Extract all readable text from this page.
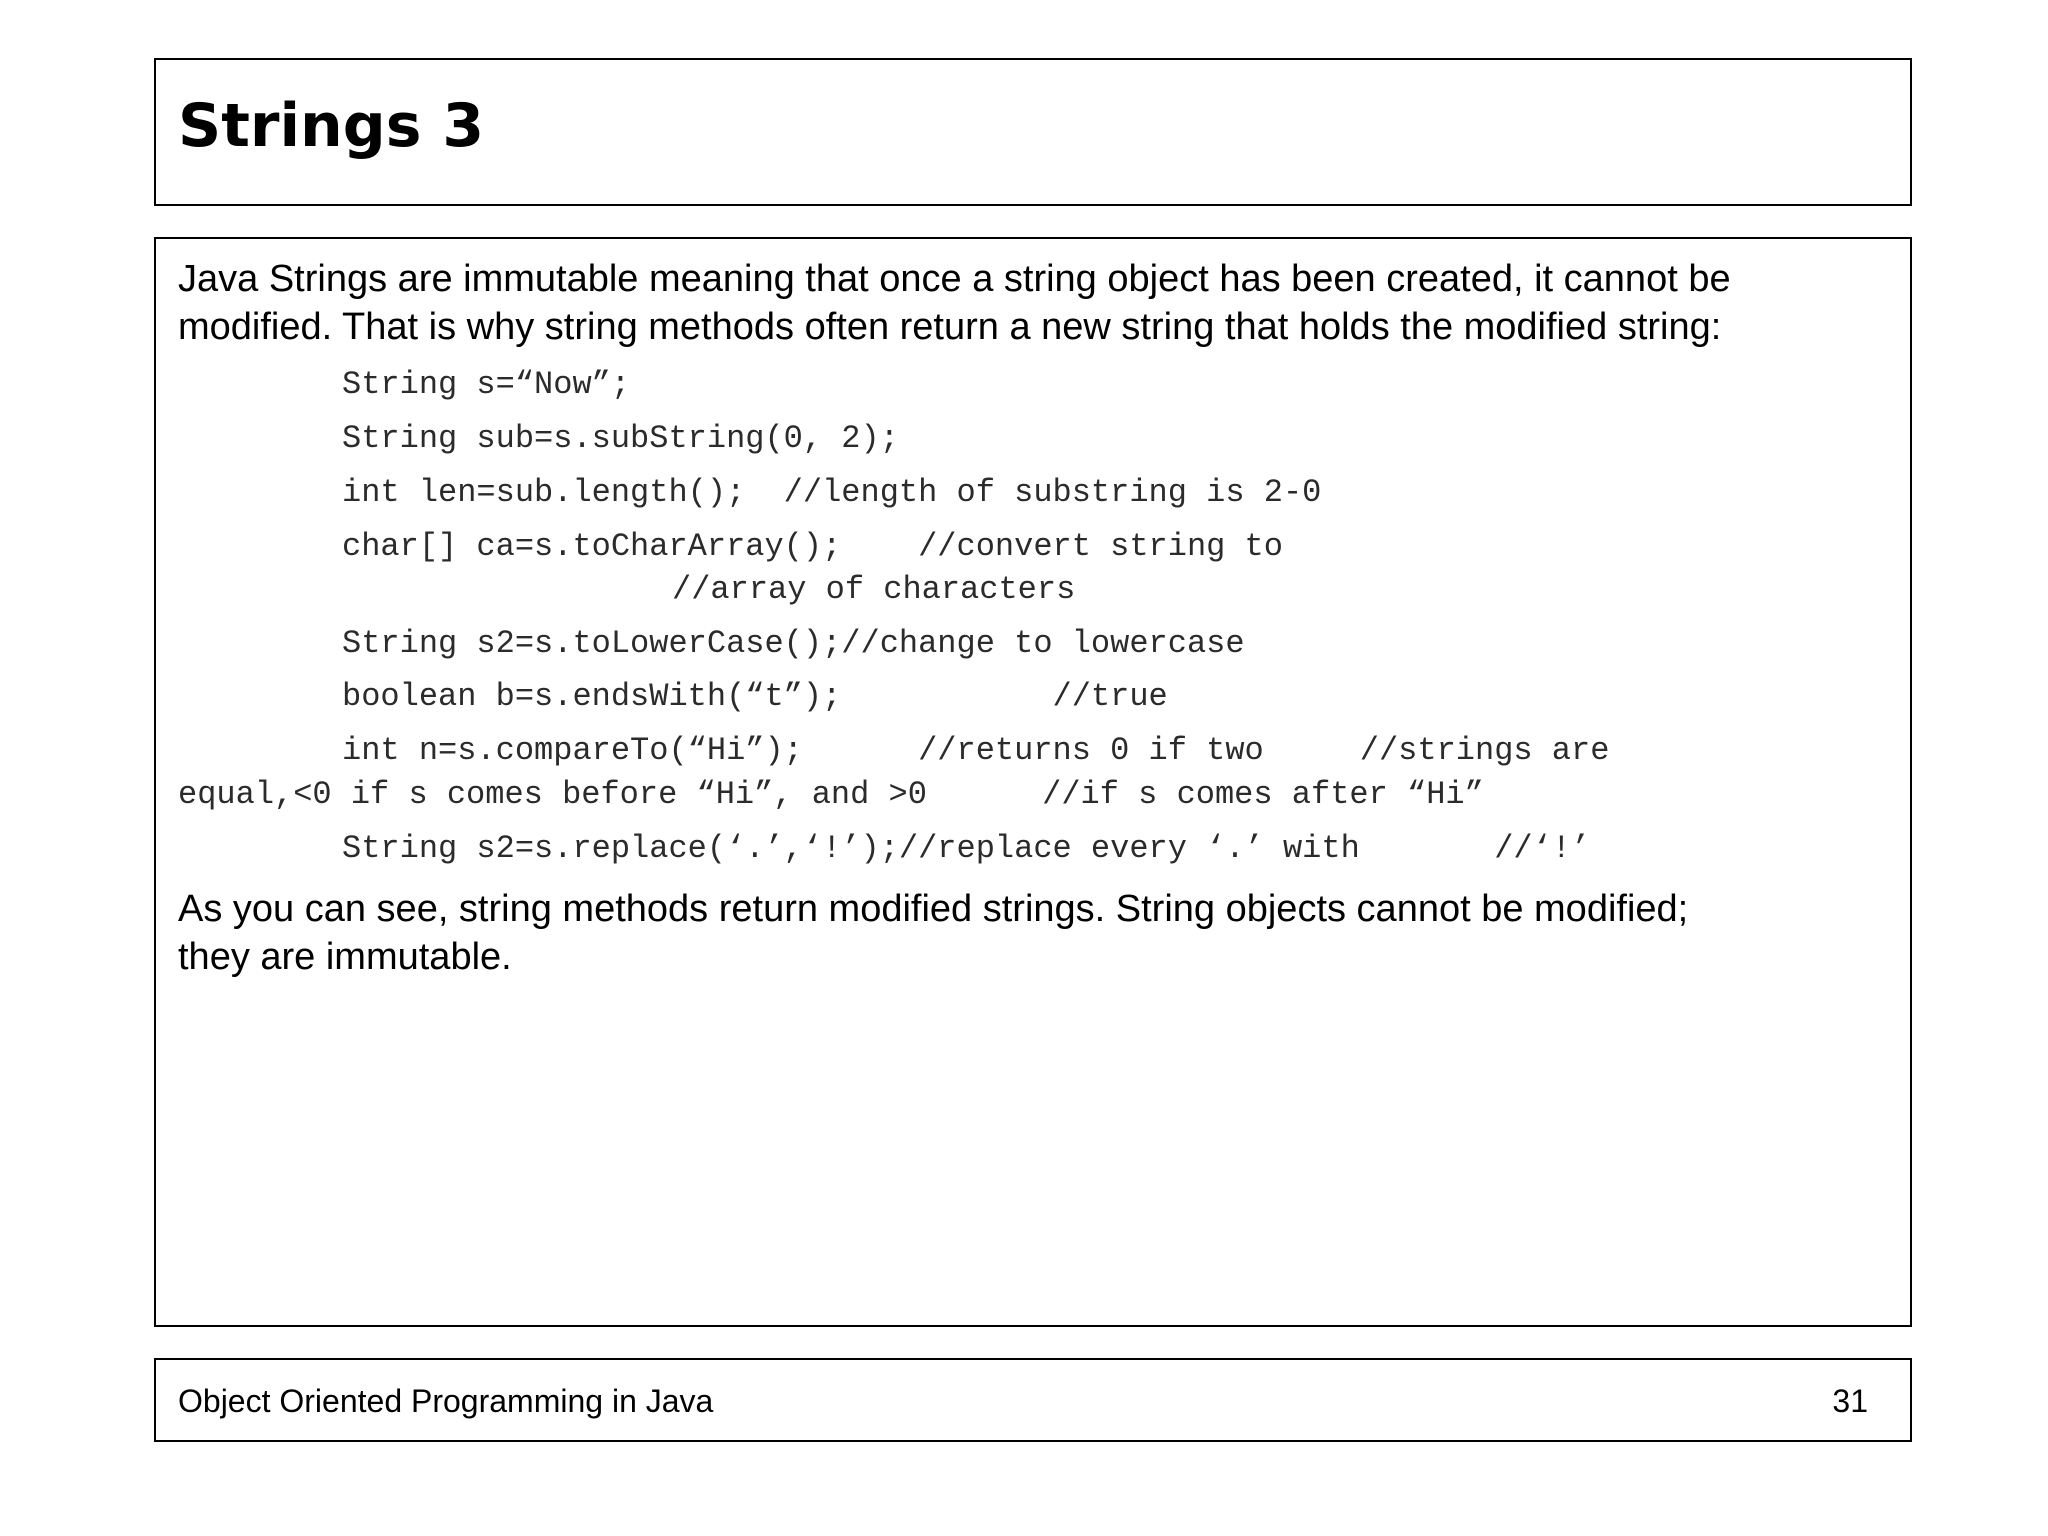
Strings 3

Java Strings are immutable meaning that once a string object has been created, it cannot be

modified. That is why string methods often return a new string that holds the modified string:

String s=“Now”;
String sub=s.subString(0, 2);
int len=sub.length();  //length of substring is 2-0
char[] ca=s.toCharArray();    //convert string to
//array of characters
String s2=s.toLowerCase();//change to lowercase
boolean b=s.endsWith(“t”);           //true
int n=s.compareTo(“Hi”);      //returns 0 if two     //strings are
equal,<0 if s comes before “Hi”, and >0      //if s comes after “Hi”
String s2=s.replace(‘.’,‘!’);//replace every ‘.’ with       //‘!’

As you can see, string methods return modified strings. String objects cannot be modified;

they are immutable.

Object Oriented Programming in Java	31
